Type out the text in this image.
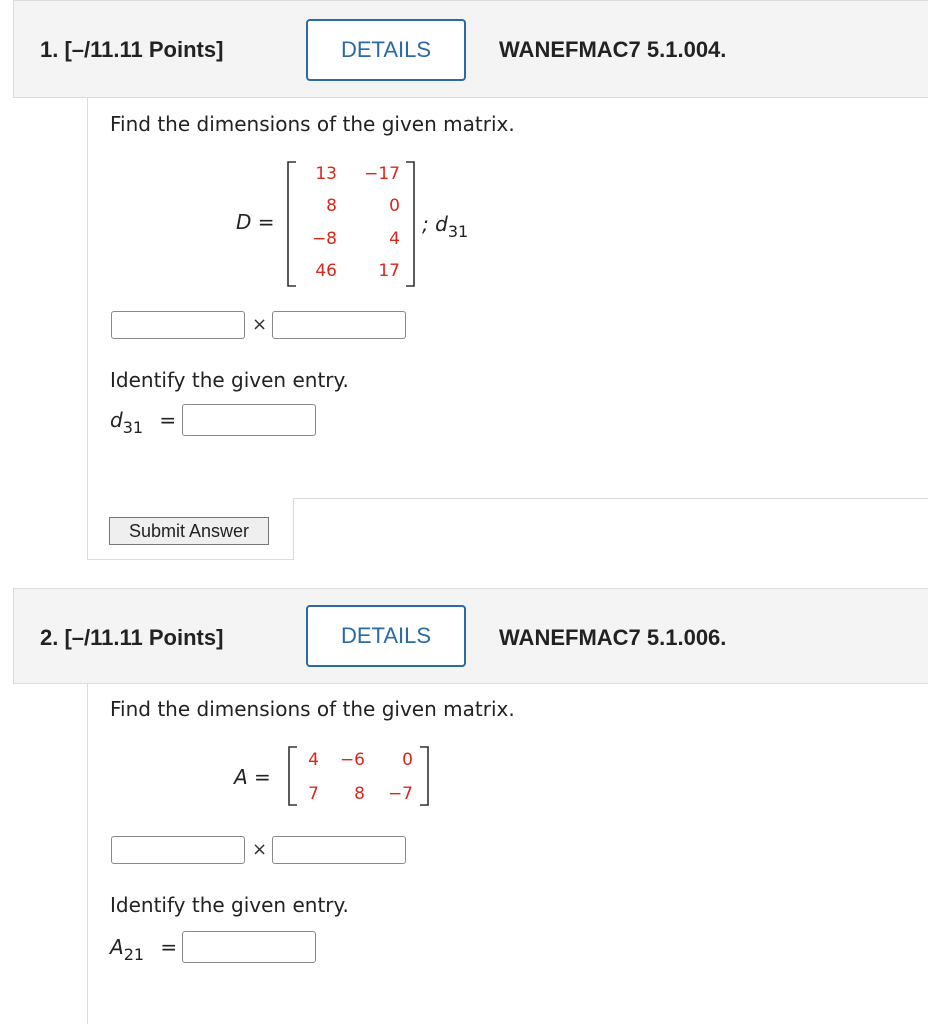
1. [–/11.11 Points]	DETAILS	WANEFMAC7 5.1.004.
Find the dimensions of the given matrix.
D =
13 −17
8	0
−8	4
46 17
; $d_{31}$
×
Identify the given entry.
$d_{31}$ =
Submit Answer
2. [–/11.11 Points]	DETAILS	WANEFMAC7 5.1.006.
Find the dimensions of the given matrix.
A =
4 −6 0
7 8 −7
×
Identify the given entry.
$A_{21}$ =
